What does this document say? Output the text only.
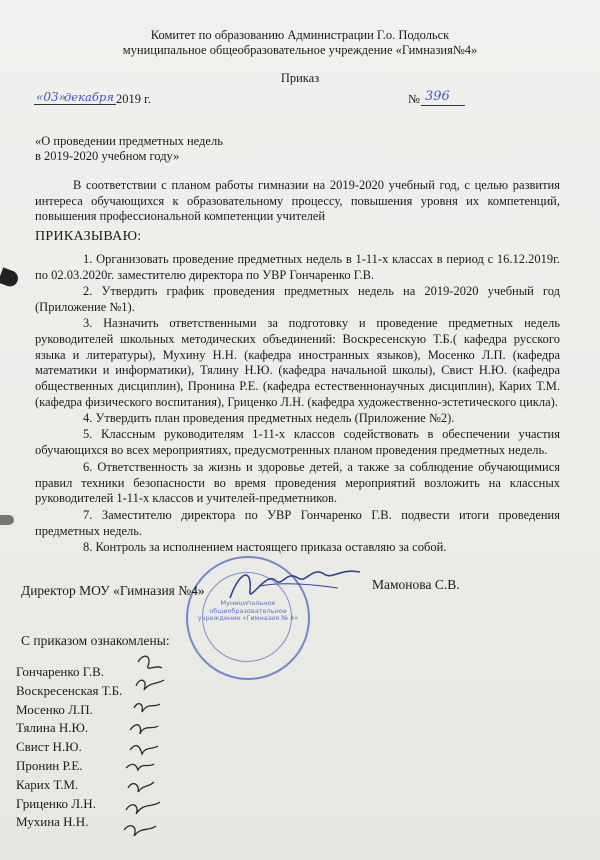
Комитет по образованию Администрации Г.о. Подольск
муниципальное общеобразовательное учреждение «Гимназия№4»
Приказ
«03»
декабря 2019 г.	№ 396
«О проведении предметных недель
в 2019-2020 учебном году»
В соответствии с планом работы гимназии на 2019-2020 учебный год, с целью развития интереса обучающихся к образовательному процессу, повышения уровня их компетенций, повышения профессиональной компетенции учителей
ПРИКАЗЫВАЮ:
1. Организовать проведение предметных недель в 1-11-х классах в период с 16.12.2019г. по 02.03.2020г. заместителю директора по УВР Гончаренко Г.В.
2. Утвердить график проведения предметных недель на 2019-2020 учебный год (Приложение №1).
3. Назначить ответственными за подготовку и проведение предметных недель руководителей школьных методических объединений: Воскресенскую Т.Б.( кафедра русского языка и литературы), Мухину Н.Н. (кафедра иностранных языков), Мосенко Л.П. (кафедра математики и информатики), Тялину Н.Ю. (кафедра начальной школы), Свист Н.Ю. (кафедра общественных дисциплин), Пронина Р.Е. (кафедра естественнонаучных дисциплин), Карих Т.М. (кафедра физического воспитания), Гриценко Л.Н. (кафедра художественно-эстетического цикла).
4. Утвердить план проведения предметных недель (Приложение №2).
5. Классным руководителям 1-11-х классов содействовать в обеспечении участия обучающихся во всех мероприятиях, предусмотренных планом проведения предметных недель.
6. Ответственность за жизнь и здоровье детей, а также за соблюдение обучающимися правил техники безопасности во время проведения мероприятий возложить на классных руководителей 1-11-х классов и учителей-предметников.
7. Заместителю директора по УВР Гончаренко Г.В. подвести итоги проведения предметных недель.
8. Контроль за исполнением настоящего приказа оставляю за собой.
Муниципальное общеобразовательное учреждение «Гимназия № 4»
Директор МОУ «Гимназия №4»	Мамонова С.В.
С приказом ознакомлены:
Гончаренко Г.В.
Воскресенская Т.Б.
Мосенко Л.П.
Тялина Н.Ю.
Свист Н.Ю.
Пронин Р.Е.
Карих Т.М.
Гриценко Л.Н.
Мухина Н.Н.
